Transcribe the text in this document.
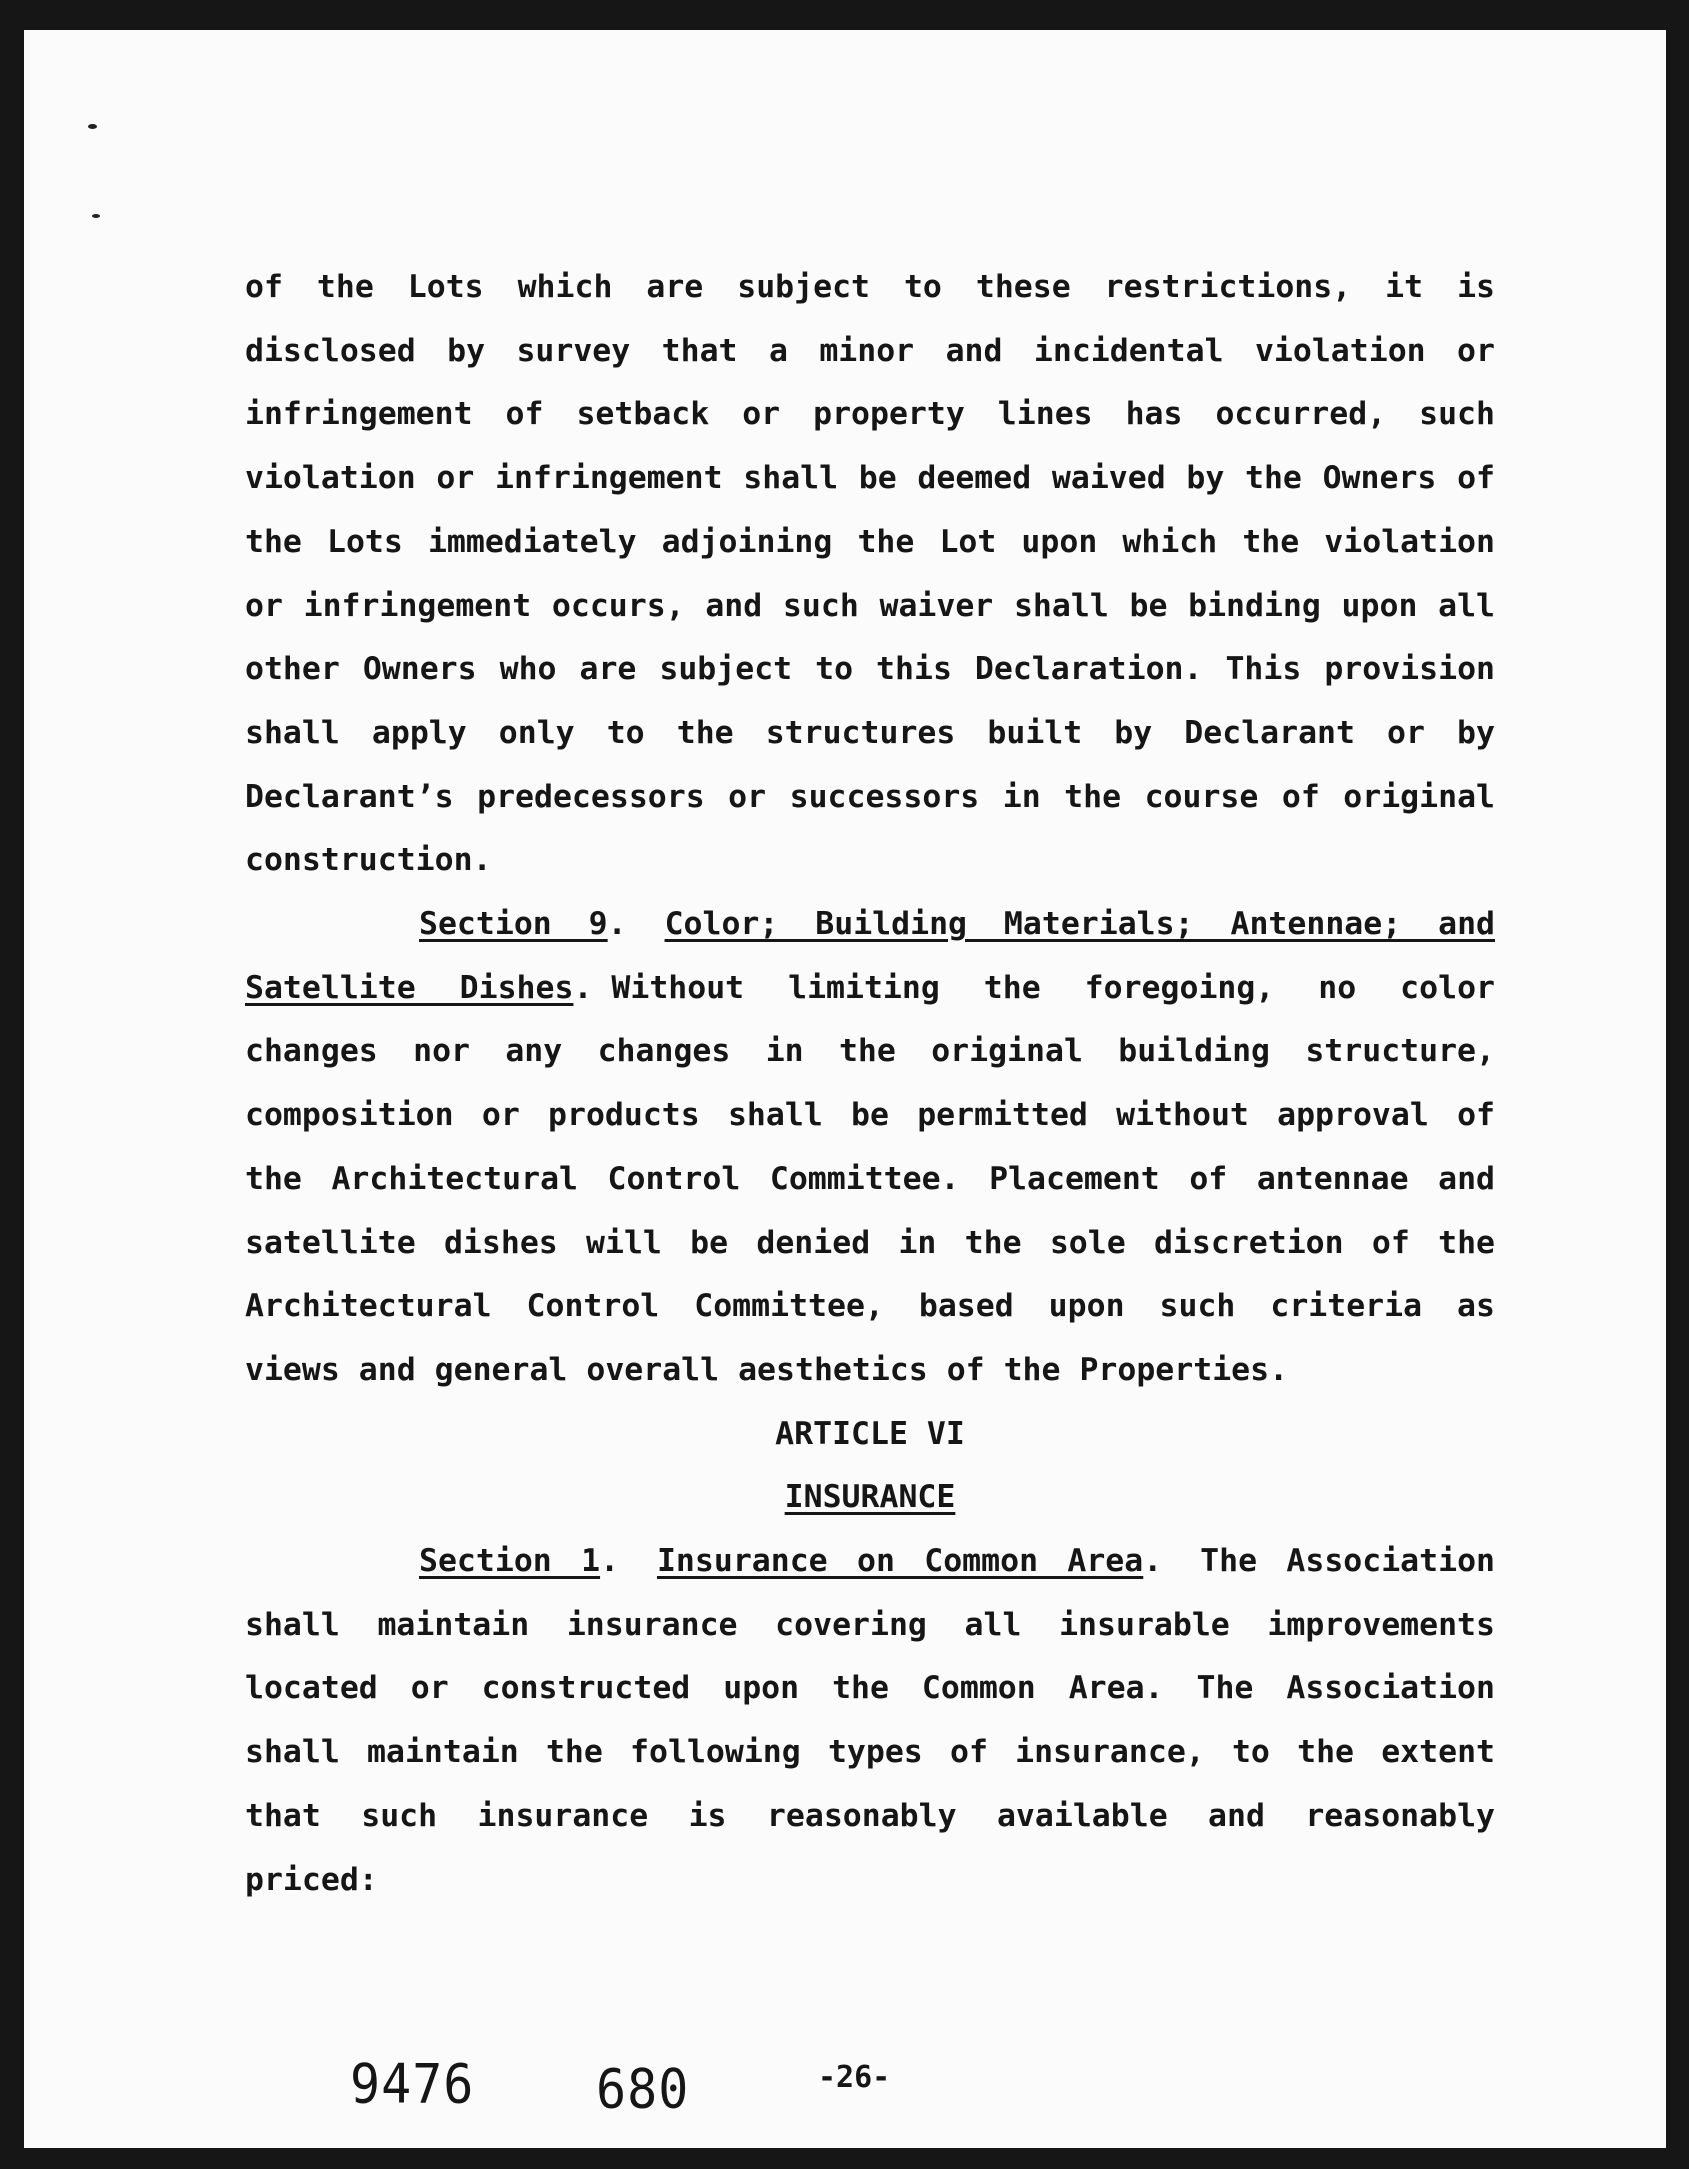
of the Lots which are subject to these restrictions, it is disclosed by survey that a minor and incidental violation or infringement of setback or property lines has occurred, such violation or infringement shall be deemed waived by the Owners of the Lots immediately adjoining the Lot upon which the violation or infringement occurs, and such waiver shall be binding upon all other Owners who are subject to this Declaration. This provision shall apply only to the structures built by Declarant or by Declarant’s predecessors or successors in the course of original construction.

Section 9.  Color; Building Materials; Antennae; and Satellite Dishes. Without limiting the foregoing, no color changes nor any changes in the original building structure, composition or products shall be permitted without approval of the Architectural Control Committee. Placement of antennae and satellite dishes will be denied in the sole discretion of the Architectural Control Committee, based upon such criteria as views and general overall aesthetics of the Properties.

ARTICLE VI

INSURANCE

Section 1.  Insurance on Common Area.  The Association shall maintain insurance covering all insurable improvements located or constructed upon the Common Area. The Association shall maintain the following types of insurance, to the extent that such insurance is reasonably available and reasonably priced:

9476 680	-26-
